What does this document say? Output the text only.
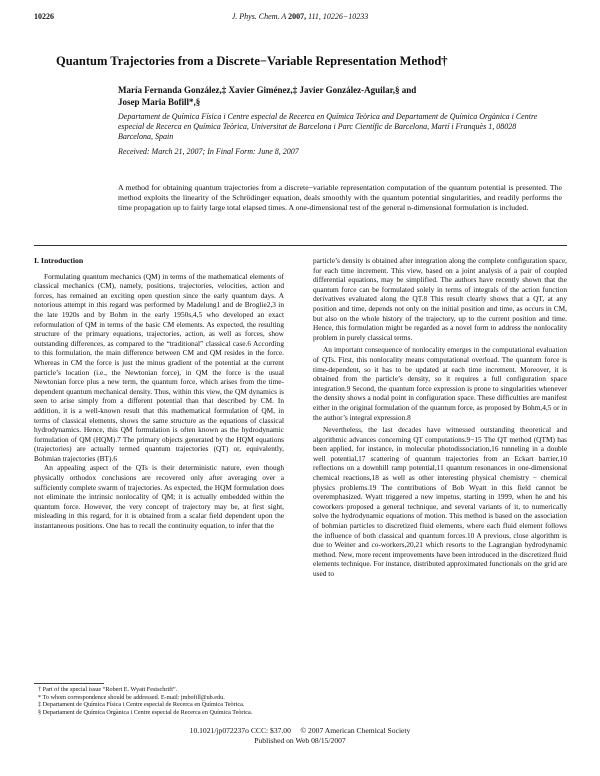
10226	J. Phys. Chem. A 2007, 111, 10226−10233
Quantum Trajectories from a Discrete−Variable Representation Method†
María Fernanda González,‡ Xavier Giménez,‡ Javier González-Aguilar,§ and
Josep Maria Bofill*,§
Departament de Química Física i Centre especial de Recerca en Química Teòrica and Departament de Química Orgànica i Centre especial de Recerca en Química Teòrica, Universitat de Barcelona i Parc Científic de Barcelona, Martí i Franquès 1, 08028 Barcelona, Spain
Received: March 21, 2007; In Final Form: June 8, 2007
A method for obtaining quantum trajectories from a discrete−variable representation computation of the quantum potential is presented. The method exploits the linearity of the Schrödinger equation, deals smoothly with the quantum potential singularities, and readily performs the time propagation up to fairly large total elapsed times. A one-dimensional test of the general n-dimensional formulation is included.
I. Introduction

Formulating quantum mechanics (QM) in terms of the mathematical elements of classical mechanics (CM), namely, positions, trajectories, velocities, action and forces, has remained an exciting open question since the early quantum days. A notorious attempt in this regard was performed by Madelung1 and de Broglie2,3 in the late 1920s and by Bohm in the early 1950s,4,5 who developed an exact reformulation of QM in terms of the basic CM elements. As expected, the resulting structure of the primary equations, trajectories, action, as well as forces, show outstanding differences, as compared to the “traditional” classical case.6 According to this formulation, the main difference between CM and QM resides in the force. Whereas in CM the force is just the minus gradient of the potential at the current particle’s location (i.e., the Newtonian force), in QM the force is the usual Newtonian force plus a new term, the quantum force, which arises from the time-dependent quantum mechanical density. Thus, within this view, the QM dynamics is seen to arise simply from a different potential than that described by CM. In addition, it is a well-known result that this mathematical formulation of QM, in terms of classical elements, shows the same structure as the equations of classical hydrodynamics. Hence, this QM formulation is often known as the hydrodynamic formulation of QM (HQM).7 The primary objects generated by the HQM equations (trajectories) are actually termed quantum trajectories (QT) or, equivalently, Bohmian trajectories (BT).6

An appealing aspect of the QTs is their deterministic nature, even though physically orthodox conclusions are recovered only after averaging over a sufficiently complete swarm of trajectories. As expected, the HQM formulation does not eliminate the intrinsic nonlocality of QM; it is actually embedded within the quantum force. However, the very concept of trajectory may be, at first sight, misleading in this regard, for it is obtained from a scalar field dependent upon the instantaneous positions. One has to recall the continuity equation, to infer that the

† Part of the special issue “Robert E. Wyatt Festschrift”.

* To whom correspondence should be addressed. E-mail: jmbofill@ub.edu.

‡ Departament de Química Física i Centre especial de Recerca en Química Teòrica.

§ Departament de Química Orgànica i Centre especial de Recerca en Química Teòrica.

particle’s density is obtained after integration along the complete configuration space, for each time increment. This view, based on a joint analysis of a pair of coupled differential equations, may be simplified. The authors have recently shown that the quantum force can be formulated solely in terms of integrals of the action function derivatives evaluated along the QT.8 This result clearly shows that a QT, at any position and time, depends not only on the initial position and time, as occurs in CM, but also on the whole history of the trajectory, up to the current position and time. Hence, this formulation might be regarded as a novel form to address the nonlocality problem in purely classical terms.

An important consequence of nonlocality emerges in the computational evaluation of QTs. First, this nonlocality means computational overload. The quantum force is time-dependent, so it has to be updated at each time increment. Moreover, it is obtained from the particle’s density, so it requires a full configuration space integration.9 Second, the quantum force expression is prone to singularities whenever the density shows a nodal point in configuration space. These difficulties are manifest either in the original formulation of the quantum force, as proposed by Bohm,4,5 or in the author’s integral expression.8

Nevertheless, the last decades have witnessed outstanding theoretical and algorithmic advances concerning QT computations.9−15 The QT method (QTM) has been applied, for instance, in molecular photodissociation,16 tunneling in a double well potential,17 scattering of quantum trajectories from an Eckart barrier,10 reflections on a downhill ramp potential,11 quantum resonances in one-dimensional chemical reactions,18 as well as other interesting physical chemistry − chemical physics problems.19 The contributions of Bob Wyatt in this field cannot be overemphasized. Wyatt triggered a new impetus, starting in 1999, when he and his coworkers proposed a general technique, and several variants of it, to numerically solve the hydrodynamic equations of motion. This method is based on the association of bohmian particles to discretized fluid elements, where each fluid element follows the influence of both classical and quantum forces.10 A previous, close algorithm is due to Weiner and co-workers,20,21 which resorts to the Lagrangian hydrodynamic method. New, more recent improvements have been introduced in the discretized fluid elements technique. For instance, distributed approximated functionals on the grid are used to

10.1021/jp072237o CCC: $37.00     © 2007 American Chemical Society
Published on Web 08/15/2007
